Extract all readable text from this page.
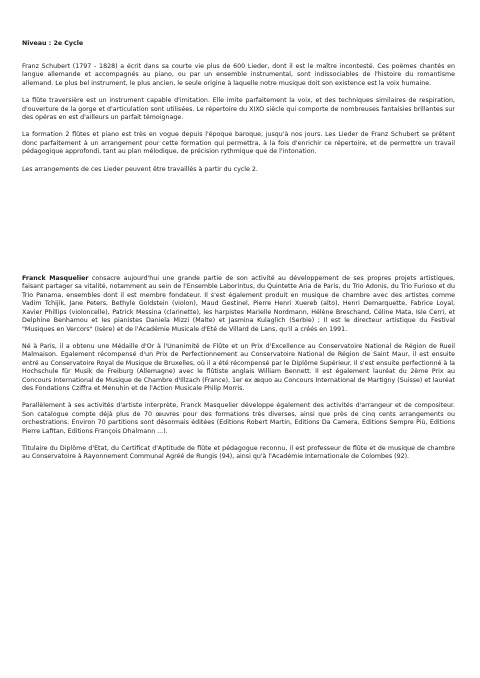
Niveau : 2e Cycle

Franz Schubert (1797 - 1828) a écrit dans sa courte vie plus de 600 Lieder, dont il est le maître incontesté. Ces poèmes chantés en langue allemande et accompagnés au piano, ou par un ensemble instrumental, sont indissociables de l'histoire du romantisme allemand. Le plus bel instrument, le plus ancien, le seule origine à laquelle notre musique doit son existence est la voix humaine.

La flûte traversière est un instrument capable d'imitation. Elle imite parfaitement la voix, et des techniques similaires de respiration, d'ouverture de la gorge et d'articulation sont utilisées. Le répertoire du XIXO siècle qui comporte de nombreuses fantaisies brillantes sur des opéras en est d'ailleurs un parfait témoignage.

La formation 2 flûtes et piano est très en vogue depuis l'époque baroque, jusqu'à nos jours. Les Lieder de Franz Schubert se prêtent donc parfaitement à un arrangement pour cette formation qui permettra, à la fois d'enrichir ce répertoire, et de permettre un travail pédagogique approfondi, tant au plan mélodique, de précision rythmique que de l'intonation.

Les arrangements de ces Lieder peuvent être travaillés à partir du cycle 2.

Franck Masquelier consacre aujourd'hui une grande partie de son activité au développement de ses propres projets artistiques, faisant partager sa vitalité, notamment au sein de l'Ensemble Laborintus, du Quintette Aria de Paris, du Trio Adonis, du Trio Furioso et du Trio Panama, ensembles dont il est membre fondateur. Il s'est également produit en musique de chambre avec des artistes comme Vadim Tchijik, Jane Peters, Bethyle Goldstein (violon), Maud Gestinel, Pierre Henri Xuereb (alto), Henri Demarquette, Fabrice Loyal, Xavier Phillips (violoncelle), Patrick Messina (clarinette), les harpistes Marielle Nordmann, Hélène Breschand, Céline Mata, Isle Cerri, et Delphine Benhamou et les pianistes Daniela Mizzi (Malte) et Jasmina Kulaglich (Serbie) ; Il est le directeur artistique du Festival "Musiques en Vercors" (Isère) et de l'Académie Musicale d'Eté de Villard de Lans, qu'il a créés en 1991.

Né à Paris, il a obtenu une Médaille d'Or à l'Unanimité de Flûte et un Prix d'Excellence au Conservatoire National de Région de Rueil Malmaison. Egalement récompensé d'un Prix de Perfectionnement au Conservatoire National de Région de Saint Maur, il est ensuite entré au Conservatoire Royal de Musique de Bruxelles, où il a été récompensé par le Diplôme Supérieur. Il s'est ensuite perfectionné à la Hochschule für Musik de Freiburg (Allemagne) avec le flûtiste anglais William Bennett. Il est également lauréat du 2ème Prix au Concours International de Musique de Chambre d'Illzach (France), 1er ex æquo au Concours International de Martigny (Suisse) et lauréat des Fondations Cziffra et Menuhin et de l'Action Musicale Philip Morris.

Parallèlement à ses activités d'artiste interprète, Franck Masquelier développe également des activités d'arrangeur et de compositeur. Son catalogue compte déjà plus de 70 œuvres pour des formations très diverses, ainsi que près de cinq cents arrangements ou orchestrations. Environ 70 partitions sont désormais éditées (Editions Robert Martin, Editions Da Camera, Editions Sempre Più, Editions Pierre Lafitan, Editions François Dhalmann ...).

Titulaire du Diplôme d'Etat, du Certificat d'Aptitude de flûte et pédagogue reconnu, il est professeur de flûte et de musique de chambre au Conservatoire à Rayonnement Communal Agréé de Rungis (94), ainsi qu'à l'Académie Internationale de Colombes (92).
